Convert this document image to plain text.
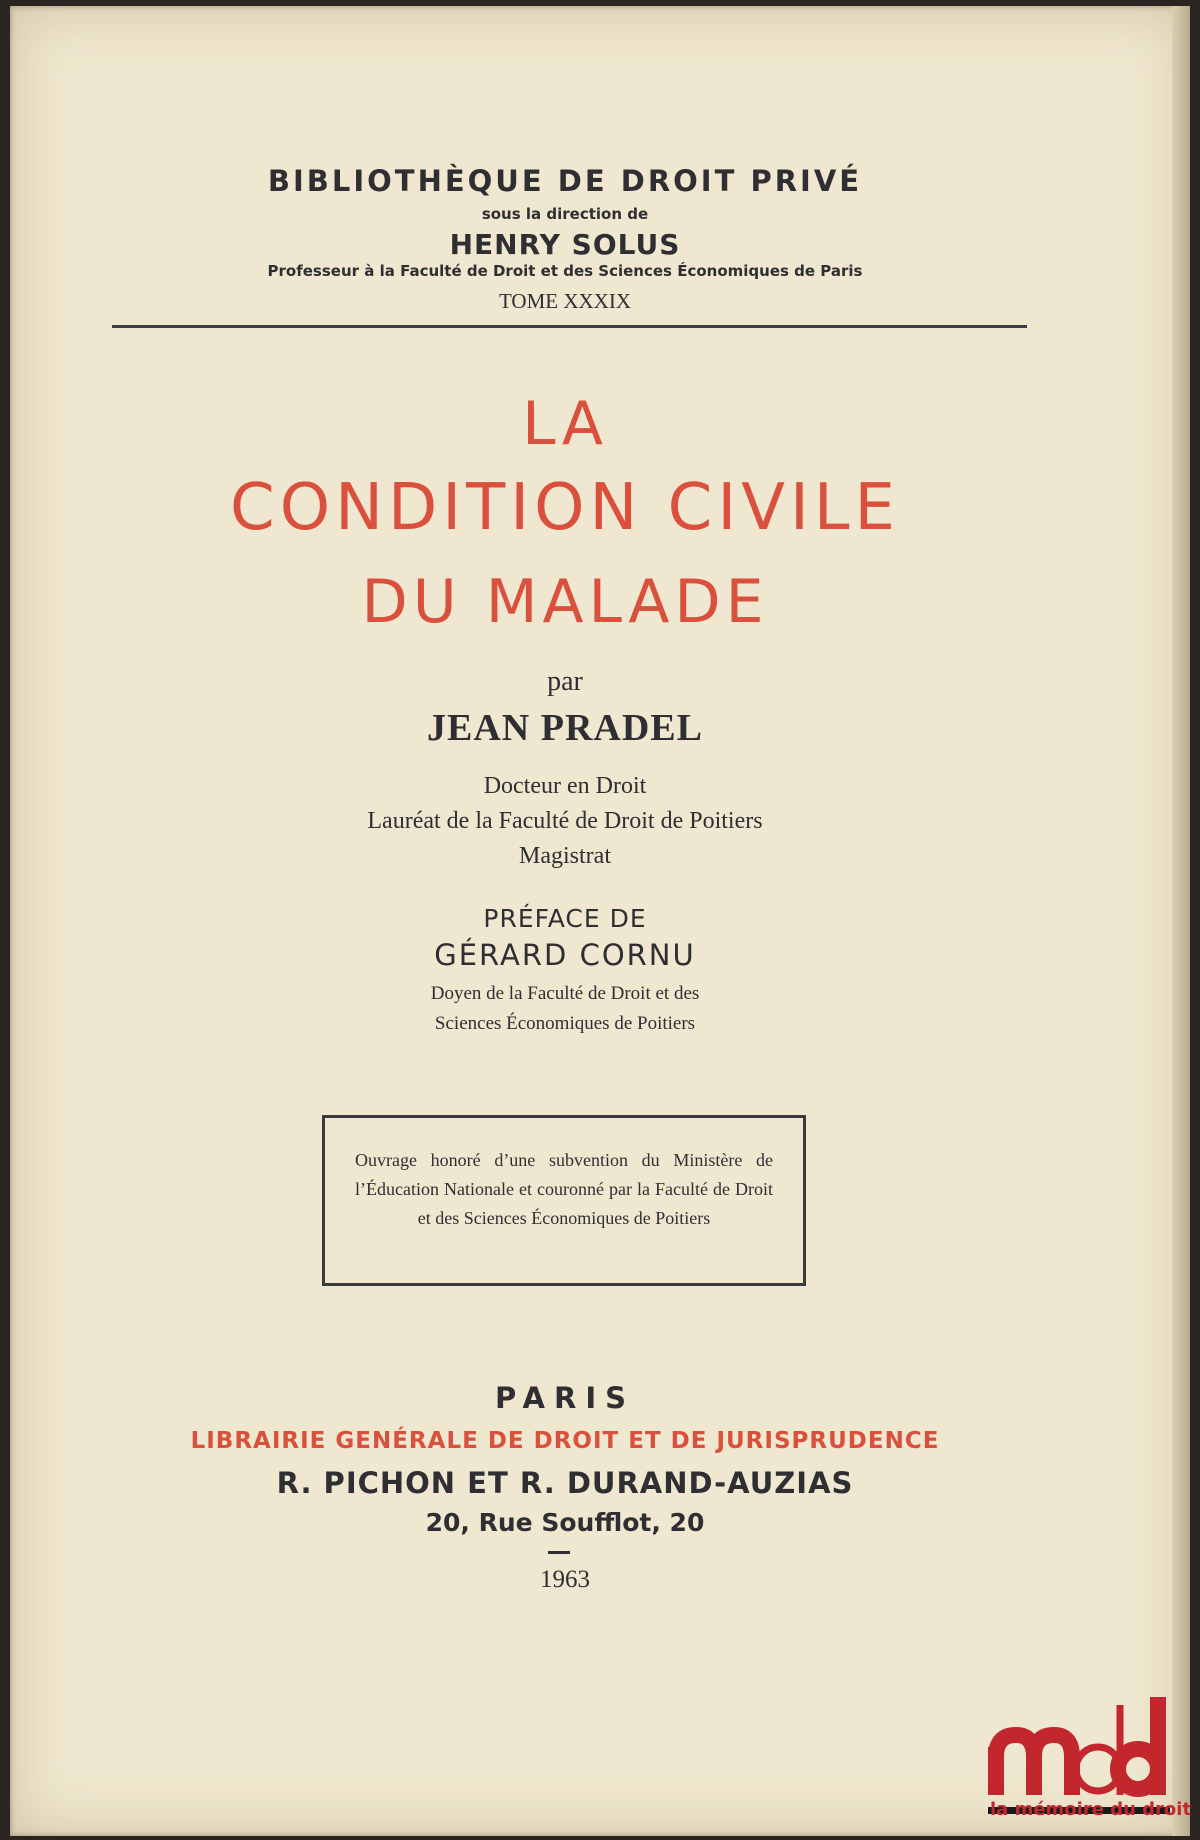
BIBLIOTHÈQUE DE DROIT PRIVÉ
sous la direction de
HENRY SOLUS
Professeur à la Faculté de Droit et des Sciences Économiques de Paris
TOME XXXIX
LA
CONDITION CIVILE
DU MALADE
par
JEAN PRADEL
Docteur en Droit
Lauréat de la Faculté de Droit de Poitiers
Magistrat
PRÉFACE DE
GÉRARD CORNU
Doyen de la Faculté de Droit et des
Sciences Économiques de Poitiers
Ouvrage honoré d’une subvention du Ministère de l’Éducation Nationale et couronné par la Faculté de Droit et des Sciences Économiques de Poitiers
PARIS
LIBRAIRIE GENÉRALE DE DROIT ET DE JURISPRUDENCE
R. PICHON ET R. DURAND-AUZIAS
20, Rue Soufflot, 20
1963
la mémoire du droit
